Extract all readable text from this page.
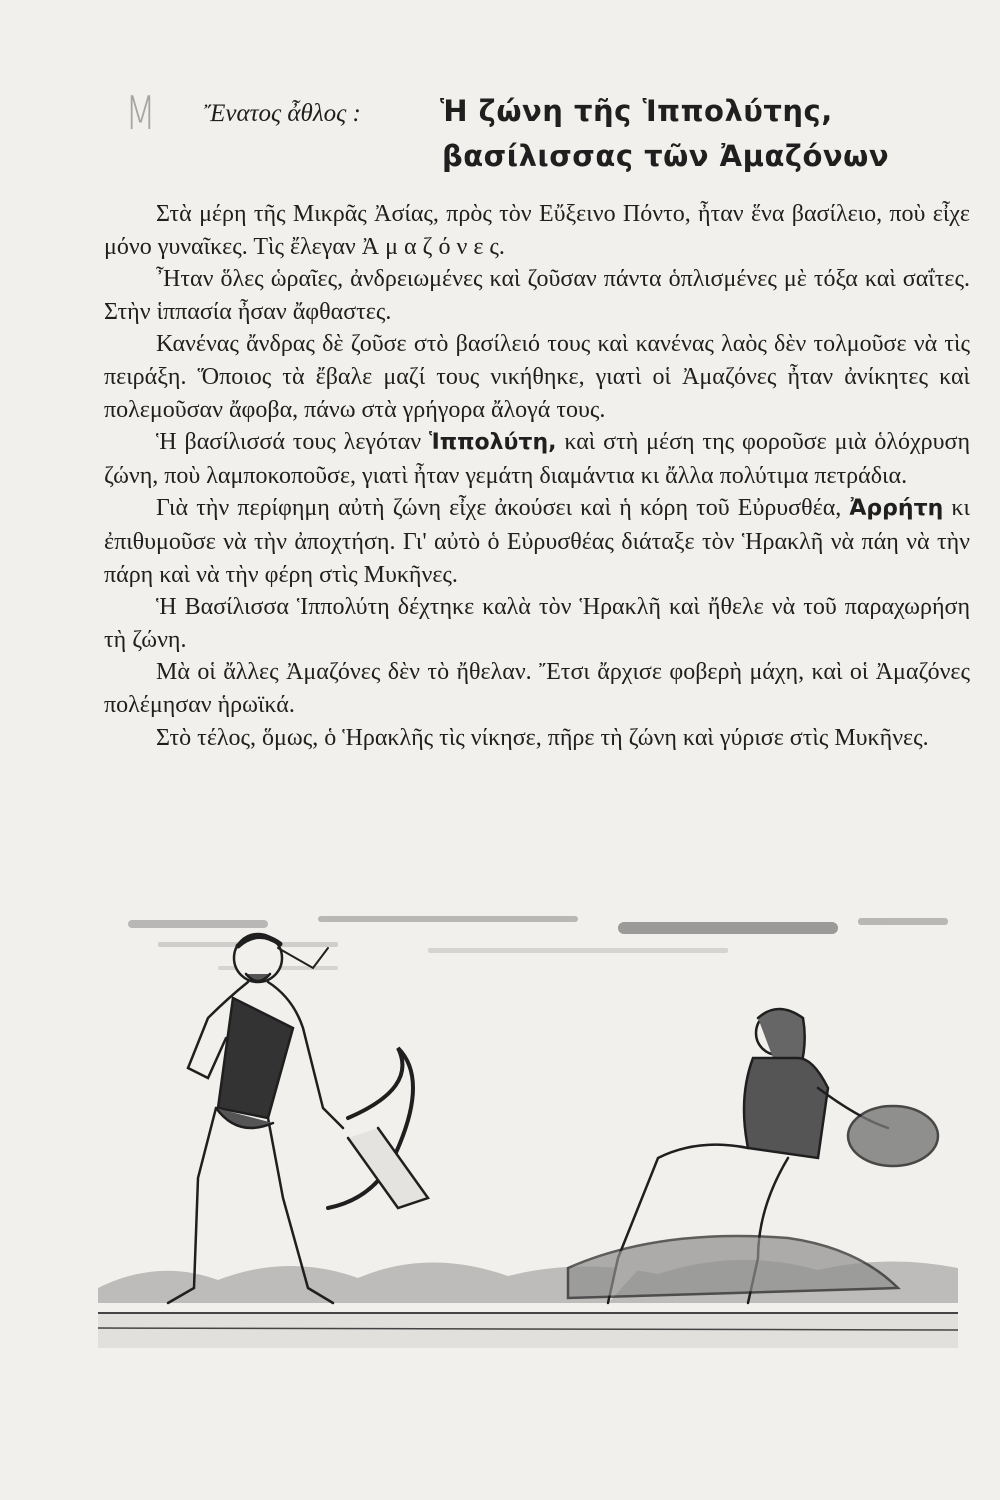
Μ Ἔνατος ἆθλος :	Ἡ ζώνη τῆς Ἱππολύτης,
βασίλισσας τῶν Ἀμαζόνων

Στὰ μέρη τῆς Μικρᾶς Ἀσίας, πρὸς τὸν Εὔξεινο Πόντο, ἦταν ἕνα βασίλειο, ποὺ εἶχε μόνο γυναῖκες. Τὶς ἔλεγαν Ἀ μ α ζ ό ν ε ς.

Ἦταν ὅλες ὡραῖες, ἀνδρειωμένες καὶ ζοῦσαν πάντα ὁπλισμένες μὲ τόξα καὶ σαΐτες. Στὴν ἱππασία ἦσαν ἄφθαστες.

Κανένας ἄνδρας δὲ ζοῦσε στὸ βασίλειό τους καὶ κανένας λαὸς δὲν τολμοῦσε νὰ τὶς πειράξη. Ὅποιος τὰ ἔβαλε μαζί τους νικήθηκε, γιατὶ οἱ Ἀμαζόνες ἦταν ἀνίκητες καὶ πολεμοῦσαν ἄφοβα, πάνω στὰ γρήγορα ἄλογά τους.

Ἡ βασίλισσά τους λεγόταν Ἱππολύτη, καὶ στὴ μέση της φοροῦσε μιὰ ὁλόχρυση ζώνη, ποὺ λαμποκοποῦσε, γιατὶ ἦταν γεμάτη διαμάντια κι ἄλλα πολύτιμα πετράδια.

Γιὰ τὴν περίφημη αὐτὴ ζώνη εἶχε ἀκούσει καὶ ἡ κόρη τοῦ Εὐρυσθέα, Ἀρρήτη κι ἐπιθυμοῦσε νὰ τὴν ἀποχτήση. Γι' αὐτὸ ὁ Εὐρυσθέας διάταξε τὸν Ἡρακλῆ νὰ πάη νὰ τὴν πάρη καὶ νὰ τὴν φέρη στὶς Μυκῆνες.

Ἡ Βασίλισσα Ἱππολύτη δέχτηκε καλὰ τὸν Ἡρακλῆ καὶ ἤθελε νὰ τοῦ παραχωρήση τὴ ζώνη.

Μὰ οἱ ἄλλες Ἀμαζόνες δὲν τὸ ἤθελαν. Ἔτσι ἄρχισε φοβερὴ μάχη, καὶ οἱ Ἀμαζόνες πολέμησαν ἡρωϊκά.

Στὸ τέλος, ὅμως, ὁ Ἡρακλῆς τὶς νίκησε, πῆρε τὴ ζώνη καὶ γύρισε στὶς Μυκῆνες.
